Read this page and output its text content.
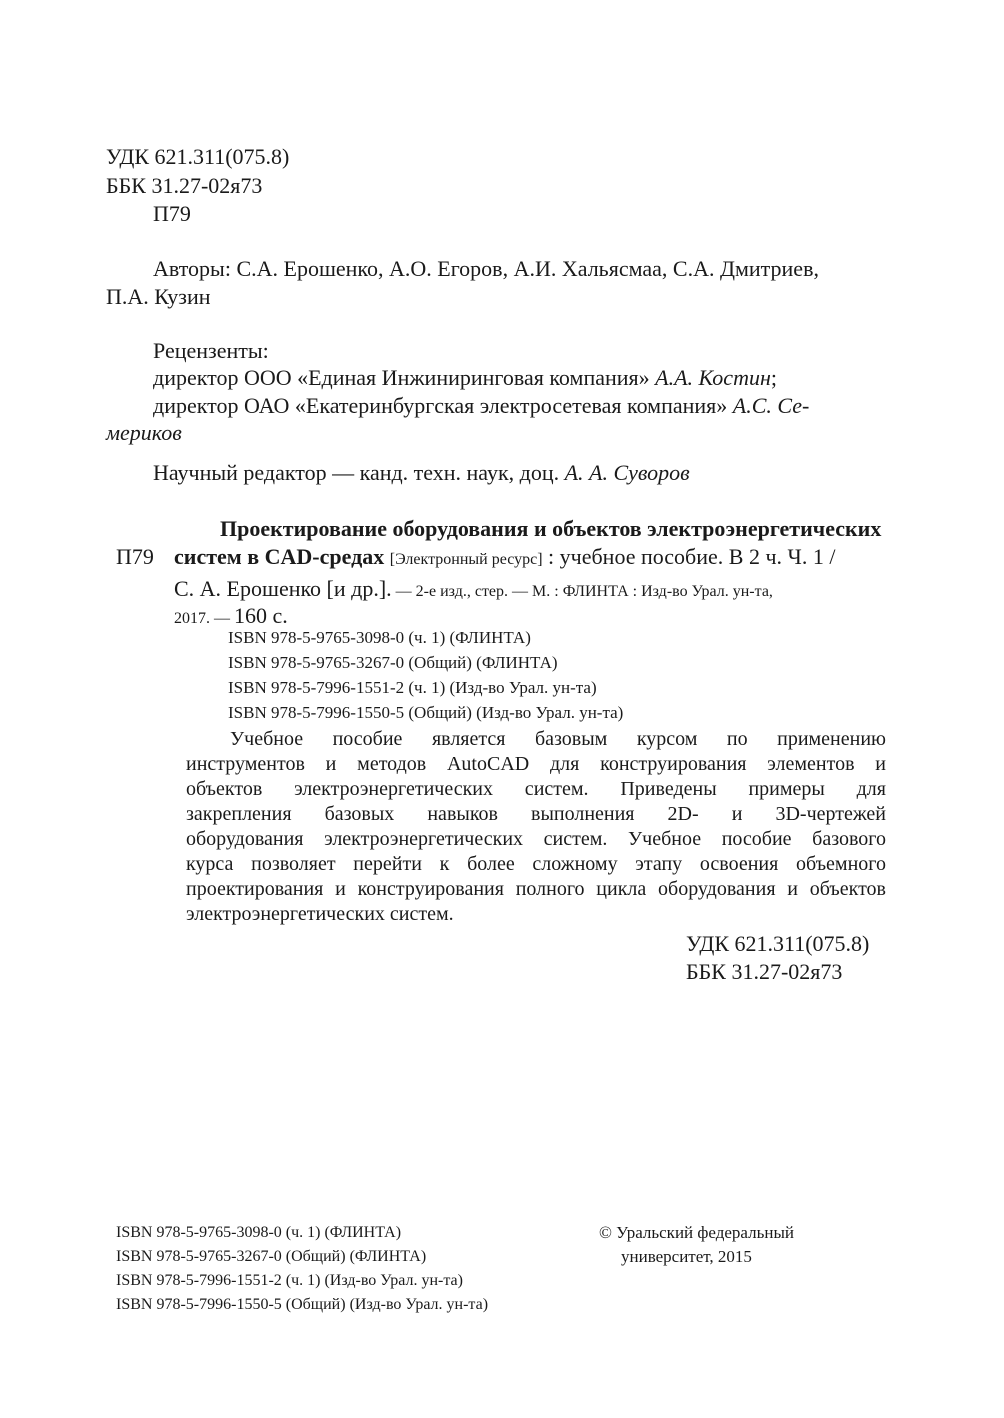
УДК 621.311(075.8)
ББК 31.27-02я73
П79
Авторы: С.А. Ерошенко, А.О. Егоров, А.И. Хальясмаа, С.А. Дмитриев,
П.А. Кузин
Рецензенты:
директор ООО «Единая Инжиниринговая компания» А.А. Костин;
директор ОАО «Екатеринбургская электросетевая компания» А.С. Се-
мериков
Научный редактор — канд. техн. наук, доц. А. А. Суворов
Проектирование оборудования и объектов электроэнергетических
П79 систем в CAD-средах [Электронный ресурс] : учебное пособие. В 2 ч. Ч. 1 /
С. А. Ерошенко [и др.]. — 2-е изд., стер. — М. : ФЛИНТА : Изд-во Урал. ун-та,
2017. — 160 с.
ISBN 978-5-9765-3098-0 (ч. 1) (ФЛИНТА)
ISBN 978-5-9765-3267-0 (Общий) (ФЛИНТА)
ISBN 978-5-7996-1551-2 (ч. 1) (Изд-во Урал. ун-та)
ISBN 978-5-7996-1550-5 (Общий) (Изд-во Урал. ун-та)
Учебное пособие является базовым курсом по применению
инструментов и методов AutoCAD для конструирования элементов и
объектов электроэнергетических систем. Приведены примеры для
закрепления базовых навыков выполнения 2D- и 3D-чертежей
оборудования электроэнергетических систем. Учебное пособие базового
курса позволяет перейти к более сложному этапу освоения объемного
проектирования и конструирования полного цикла оборудования и объектов
электроэнергетических систем.
УДК 621.311(075.8)
ББК 31.27-02я73
ISBN 978-5-9765-3098-0 (ч. 1) (ФЛИНТА)
ISBN 978-5-9765-3267-0 (Общий) (ФЛИНТА)
ISBN 978-5-7996-1551-2 (ч. 1) (Изд-во Урал. ун-та)
ISBN 978-5-7996-1550-5 (Общий) (Изд-во Урал. ун-та)
© Уральский федеральный
университет, 2015
